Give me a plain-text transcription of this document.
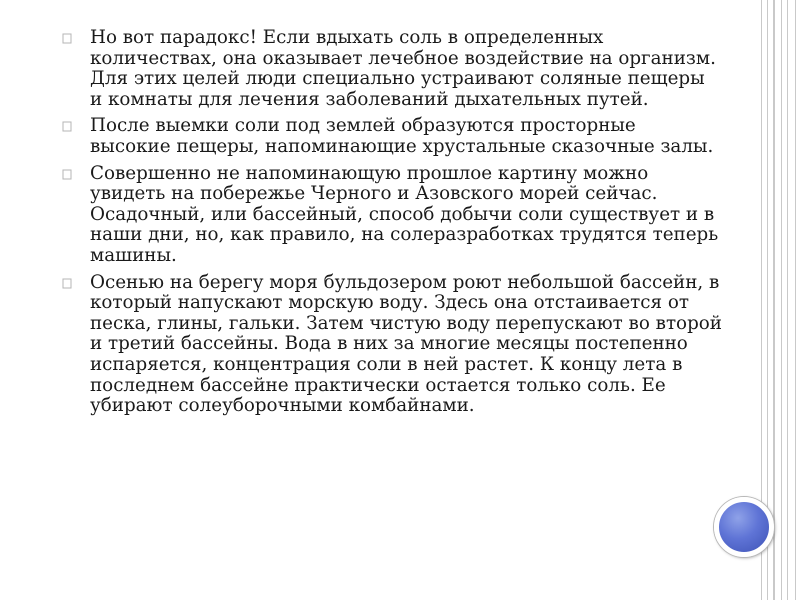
Но вот парадокс! Если вдыхать соль в определенных количествах, она оказывает лечебное воздействие на организм. Для этих целей люди специально устраивают соляные пещеры и комнаты для лечения заболеваний дыхательных путей.
После выемки соли под землей образуются просторные высокие пещеры, напоминающие хрустальные сказочные залы.
Совершенно не напоминающую прошлое картину можно увидеть на побережье Черного и Азовского морей сейчас. Осадочный, или бассейный, способ добычи соли существует и в наши дни, но, как правило, на солеразработках трудятся теперь машины.
Осенью на берегу моря бульдозером роют небольшой бассейн, в который напускают морскую воду. Здесь она отстаивается от песка, глины, гальки. Затем чистую воду перепускают во второй и третий бассейны. Вода в них за многие месяцы постепенно испаряется, концентрация соли в ней растет. К концу лета в последнем бассейне практически остается только соль. Ее убирают солеуборочными комбайнами.
